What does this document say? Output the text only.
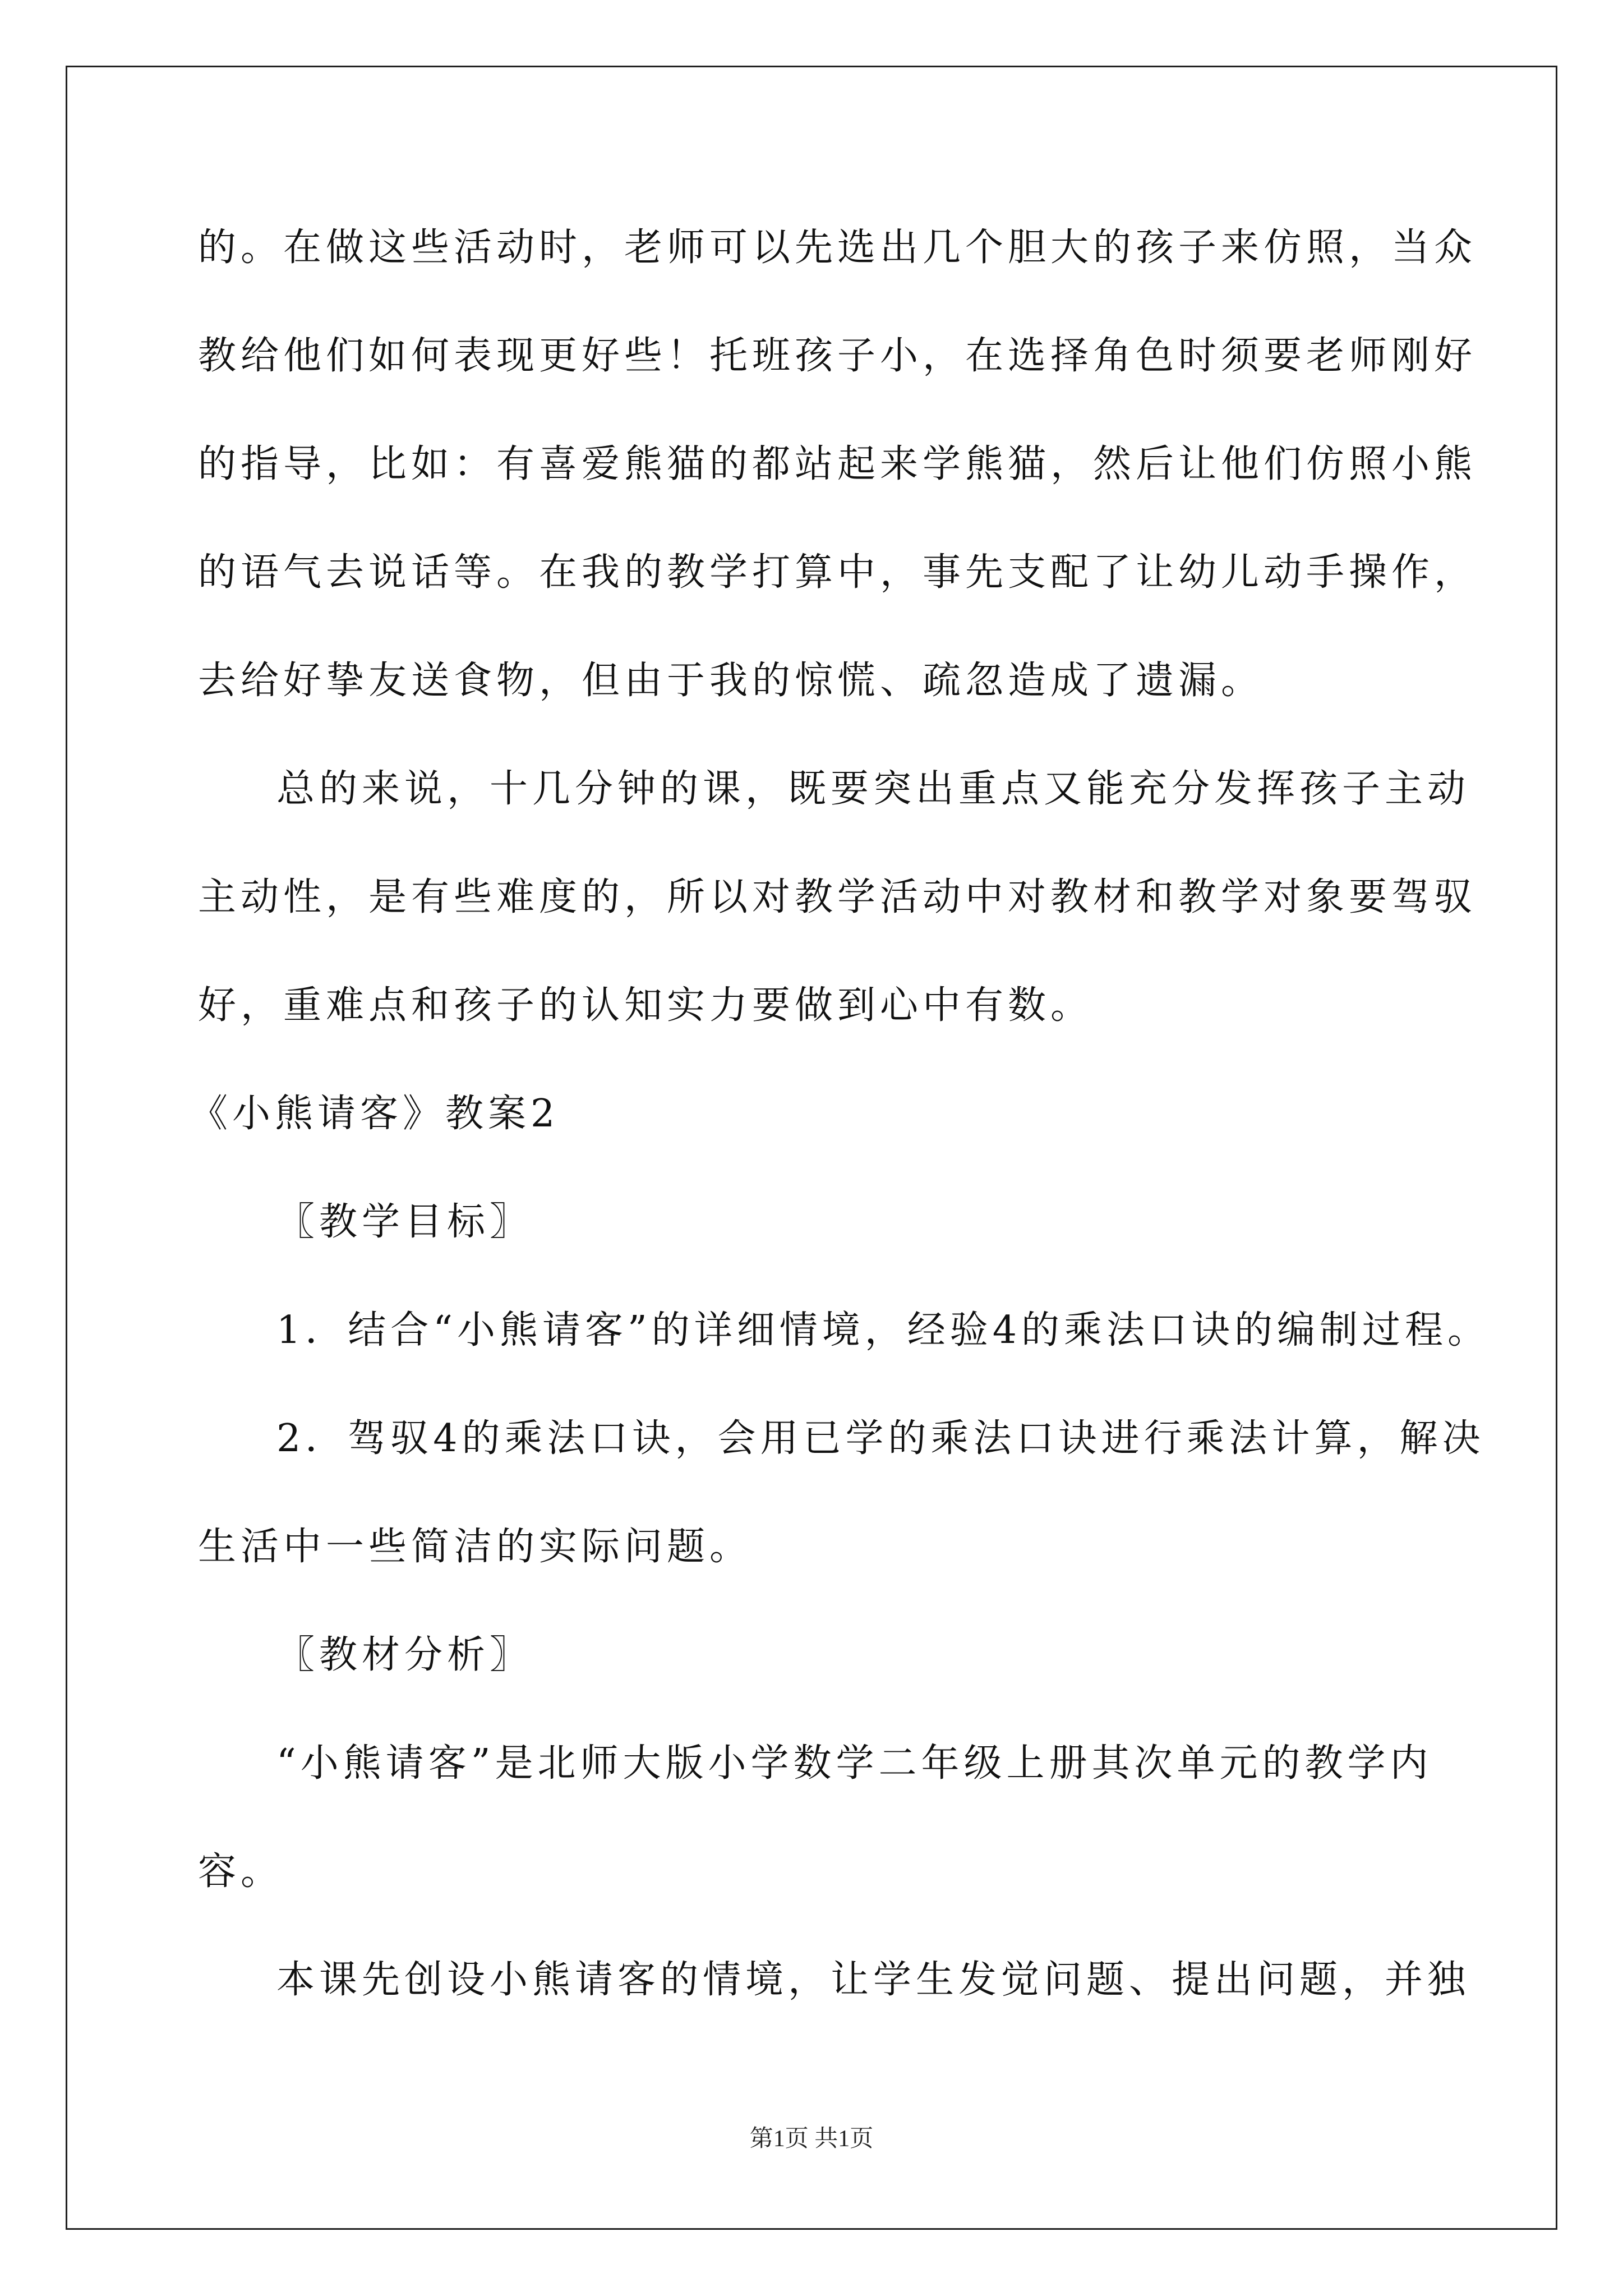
的。在做这些活动时，老师可以先选出几个胆大的孩子来仿照，当众
教给他们如何表现更好些！托班孩子小，在选择角色时须要老师刚好
的指导，比如：有喜爱熊猫的都站起来学熊猫，然后让他们仿照小熊
的语气去说话等。在我的教学打算中，事先支配了让幼儿动手操作，
去给好挚友送食物，但由于我的惊慌、疏忽造成了遗漏。
总的来说，十几分钟的课，既要突出重点又能充分发挥孩子主动
主动性，是有些难度的，所以对教学活动中对教材和教学对象要驾驭
好，重难点和孩子的认知实力要做到心中有数。
《小熊请客》教案2
〖教学目标〗
1．结合“小熊请客”的详细情境，经验4的乘法口诀的编制过程。
2．驾驭4的乘法口诀，会用已学的乘法口诀进行乘法计算，解决
生活中一些简洁的实际问题。
〖教材分析〗
“小熊请客”是北师大版小学数学二年级上册其次单元的教学内
容。
本课先创设小熊请客的情境，让学生发觉问题、提出问题，并独
第1页 共1页
